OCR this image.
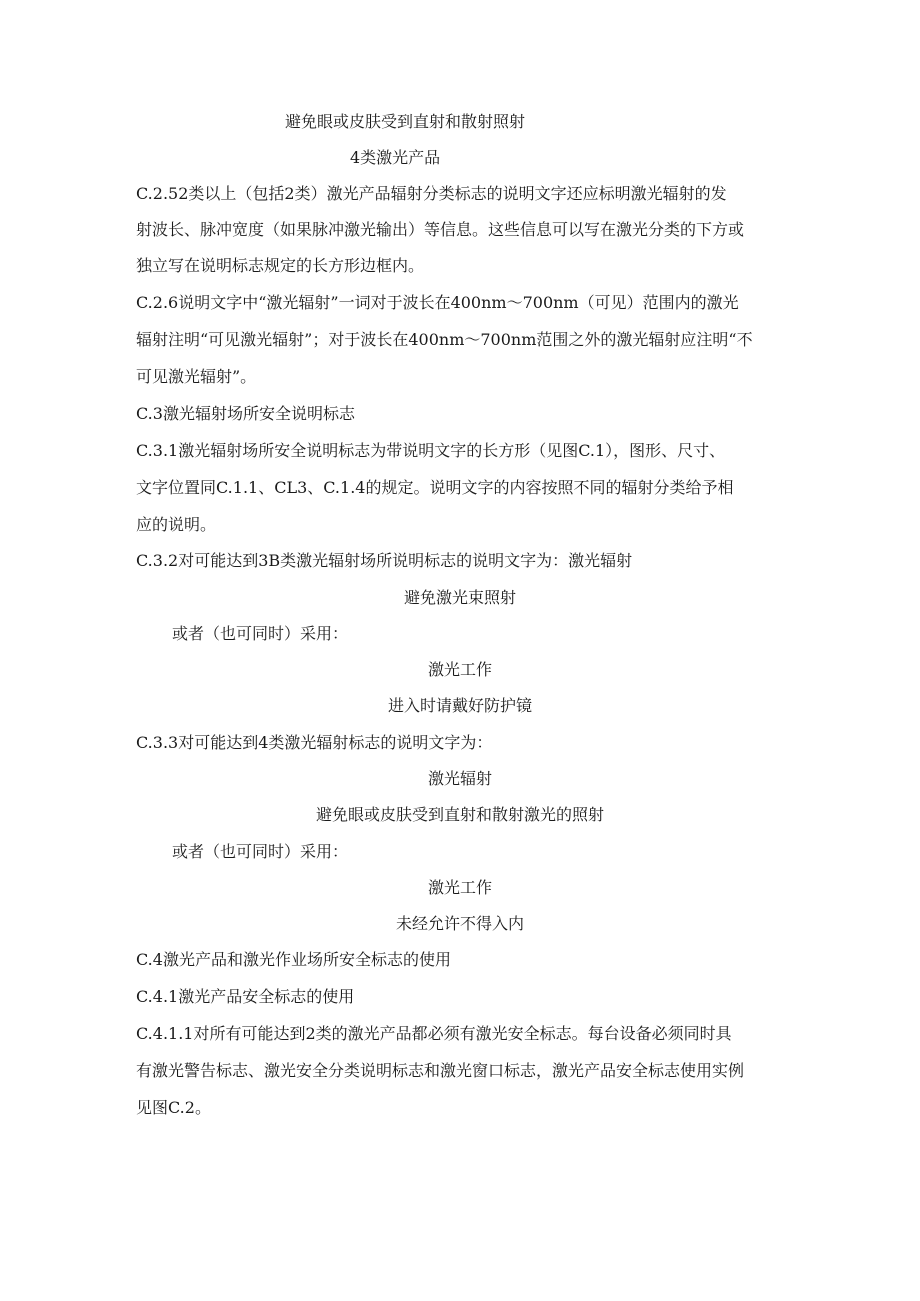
避免眼或皮肤受到直射和散射照射
4类激光产品
C.2.52类以上（包括2类）激光产品辐射分类标志的说明文字还应标明激光辐射的发
射波长、脉冲宽度（如果脉冲激光输出）等信息。这些信息可以写在激光分类的下方或
独立写在说明标志规定的长方形边框内。
C.2.6说明文字中“激光辐射”一词对于波长在400nm～700nm（可见）范围内的激光
辐射注明“可见激光辐射”；对于波长在400nm～700nm范围之外的激光辐射应注明“不
可见激光辐射”。
C.3激光辐射场所安全说明标志
C.3.1激光辐射场所安全说明标志为带说明文字的长方形（见图C.1），图形、尺寸、
文字位置同C.1.1、CL3、C.1.4的规定。说明文字的内容按照不同的辐射分类给予相
应的说明。
C.3.2对可能达到3B类激光辐射场所说明标志的说明文字为：激光辐射
避免激光束照射
或者（也可同时）采用：
激光工作
进入时请戴好防护镜
C.3.3对可能达到4类激光辐射标志的说明文字为：
激光辐射
避免眼或皮肤受到直射和散射激光的照射
或者（也可同时）采用：
激光工作
未经允许不得入内
C.4激光产品和激光作业场所安全标志的使用
C.4.1激光产品安全标志的使用
C.4.1.1对所有可能达到2类的激光产品都必须有激光安全标志。每台设备必须同时具
有激光警告标志、激光安全分类说明标志和激光窗口标志，激光产品安全标志使用实例
见图C.2。
